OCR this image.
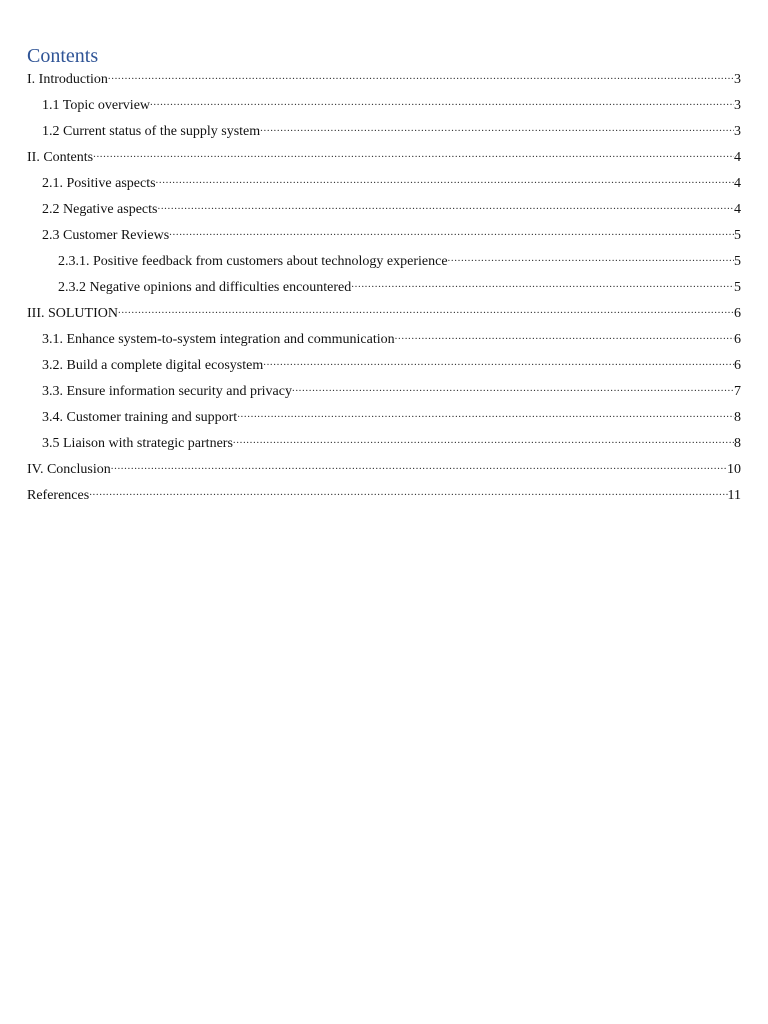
Contents
I. Introduction .....	3
1.1 Topic overview .....	3
1.2 Current status of the supply system .....	3
II. Contents .....	4
2.1. Positive aspects .....	4
2.2 Negative aspects .....	4
2.3 Customer Reviews .....	5
2.3.1. Positive feedback from customers about technology experience .....	5
2.3.2 Negative opinions and difficulties encountered .....	5
III. SOLUTION .....	6
3.1. Enhance system-to-system integration and communication .....	6
3.2. Build a complete digital ecosystem .....	6
3.3. Ensure information security and privacy .....	7
3.4. Customer training and support .....	8
3.5 Liaison with strategic partners .....	8
IV. Conclusion .....	10
References .....	11
